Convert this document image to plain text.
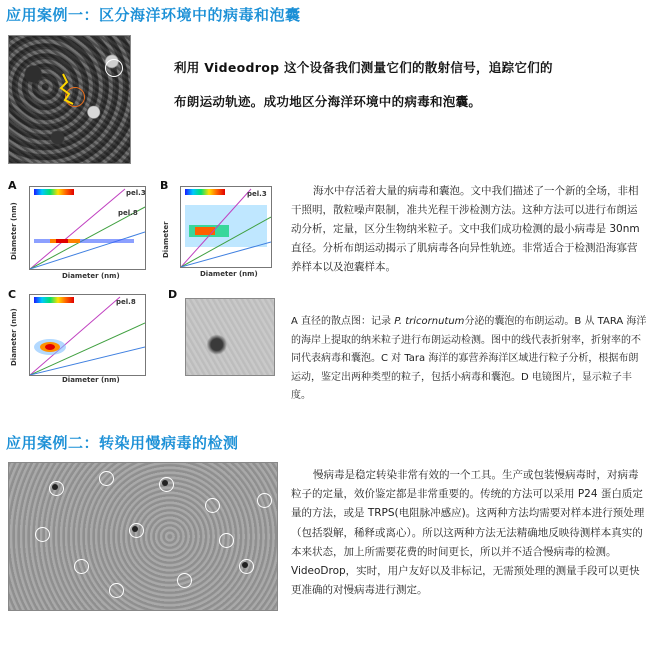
应用案例一：区分海洋环境中的病毒和泡囊
利用 Videodrop 这个设备我们测量它们的散射信号，追踪它们的
布朗运动轨迹。成功地区分海洋环境中的病毒和泡囊。
A
pel.3
pel.8
Diameter (nm)
Diameter (nm)
B
pel.3
Diameter
Diameter (nm)
C
pel.8
Diameter (nm)
Diameter (nm)
D
海水中存活着大量的病毒和囊泡。文中我们描述了一个新的全场，非相干照明，散粒噪声限制，准共光程干涉检测方法。这种方法可以进行布朗运动分析，定量，区分生物纳米粒子。文中我们成功检测的最小病毒是 30nm 直径。分析布朗运动揭示了肌病毒各向异性轨迹。非常适合于检测沿海寡营养样本以及泡囊样本。
A 直径的散点图：记录 P. tricornutum分泌的囊泡的布朗运动。B 从 TARA 海洋的海岸上提取的纳米粒子进行布朗运动检测。图中的线代表折射率，折射率的不同代表病毒和囊泡。C 对 Tara 海洋的寡营养海洋区域进行粒子分析，根据布朗运动，鉴定出两种类型的粒子，包括小病毒和囊泡。D 电镜图片，显示粒子丰度。
应用案例二：转染用慢病毒的检测
慢病毒是稳定转染非常有效的一个工具。生产或包装慢病毒时，对病毒粒子的定量，效价鉴定都是非常重要的。传统的方法可以采用 P24 蛋白质定量的方法，或是 TRPS(电阻脉冲感应)。这两种方法均需要对样本进行预处理（包括裂解，稀释或离心）。所以这两种方法无法精确地反映待测样本真实的本来状态，加上所需要花费的时间更长，所以并不适合慢病毒的检测。VideoDrop，实时，用户友好以及非标记，无需预处理的测量手段可以更快更准确的对慢病毒进行测定。
